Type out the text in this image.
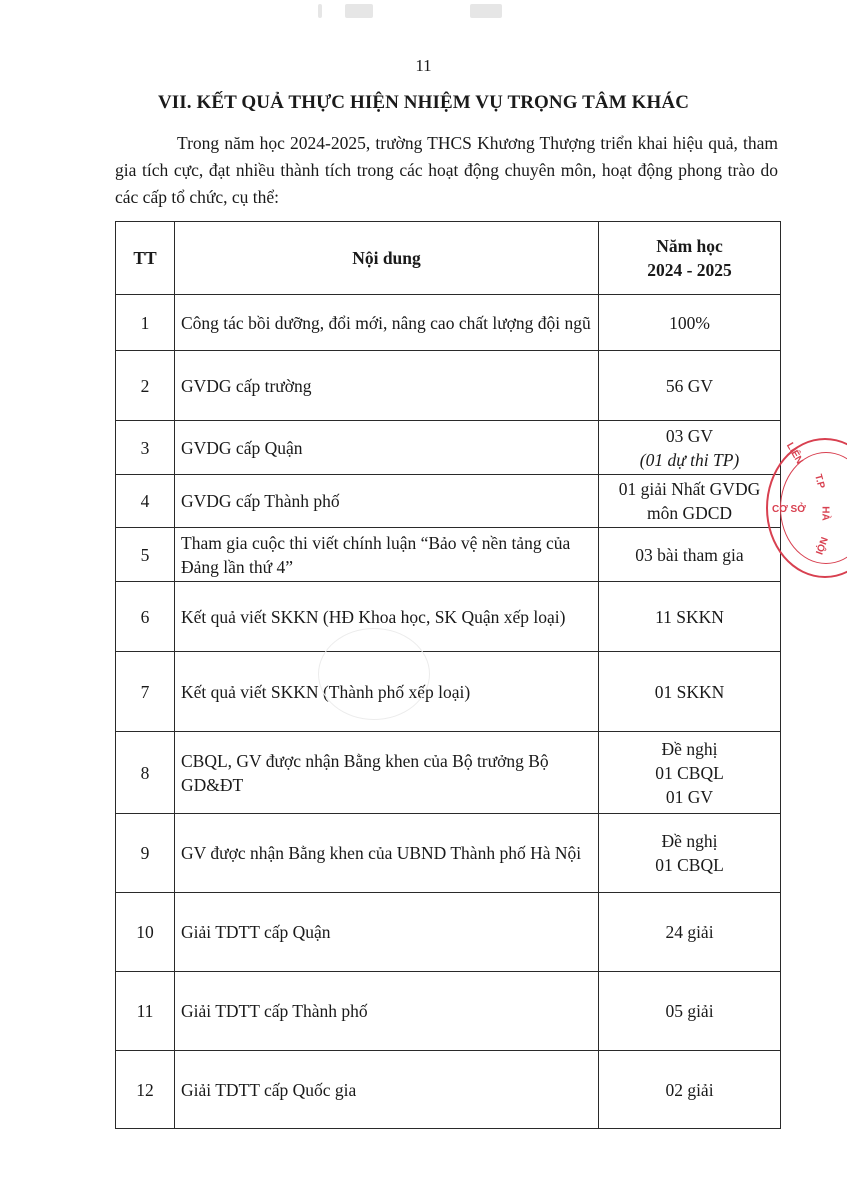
11
VII. KẾT QUẢ THỰC HIỆN NHIỆM VỤ TRỌNG TÂM KHÁC

Trong năm học 2024-2025, trường THCS Khương Thượng triển khai hiệu quả, tham gia tích cực, đạt nhiều thành tích trong các hoạt động chuyên môn, hoạt động phong trào do các cấp tổ chức, cụ thể:

TT	Nội dung	Năm học
2024 - 2025

1	Công tác bồi dưỡng, đổi mới, nâng cao chất lượng đội ngũ	100%

2	GVDG cấp trường	56 GV

3	GVDG cấp Quận	03 GV
(01 dự thi TP)

4	GVDG cấp Thành phố	01 giải Nhất GVDG
môn GDCD

5	Tham gia cuộc thi viết chính luận “Bảo vệ nền tảng của Đảng lần thứ 4”	03 bài tham gia

6	Kết quả viết SKKN (HĐ Khoa học, SK Quận xếp loại)	11 SKKN

7	Kết quả viết SKKN (Thành phố xếp loại)	01 SKKN

8	CBQL, GV được nhận Bằng khen của Bộ trưởng Bộ GD&ĐT	Đề nghị
01 CBQL
01 GV

9	GV được nhận Bằng khen của UBND Thành phố Hà Nội	Đề nghị
01 CBQL

10	Giải TDTT cấp Quận	24 giải

11	Giải TDTT cấp Thành phố	05 giải

12	Giải TDTT cấp Quốc gia	02 giải
LIÊN
T.P
HÀ
NỘI
CƠ SỞ
